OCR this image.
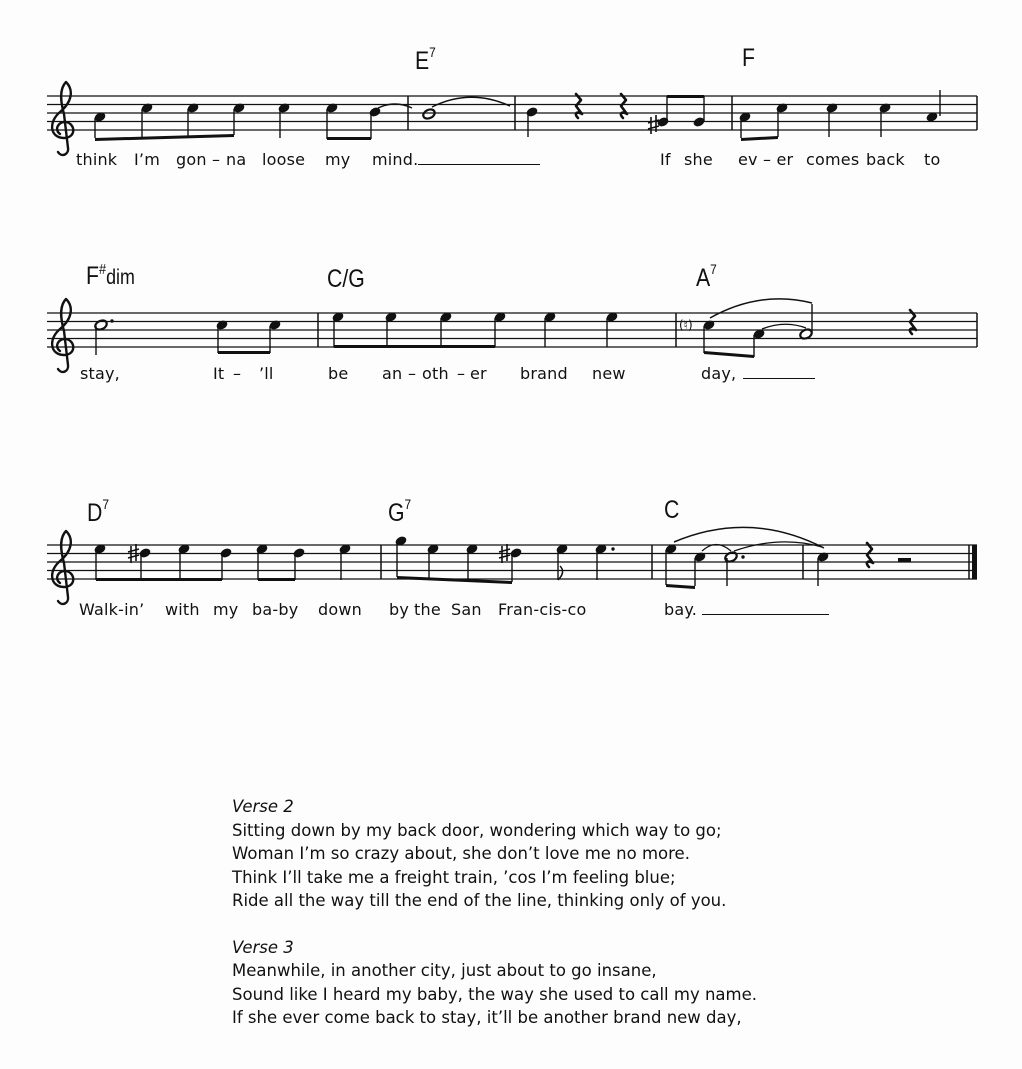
(♮)
$E^7$	F
F#dim	C/G	$A^7$
$D^7$	$G^7$	C
think I’m gon – na loose my mind.	If she ev – er comes back to
stay,	It – ’ll	be an – oth – er brand new	day,
Walk-in’ with my ba-by down by the San Fran-cis-co	bay.
Verse 2
Sitting down by my back door, wondering which way to go;
Woman I’m so crazy about, she don’t love me no more.
Think I’ll take me a freight train, ’cos I’m feeling blue;
Ride all the way till the end of the line, thinking only of you.
Verse 3
Meanwhile, in another city, just about to go insane,
Sound like I heard my baby, the way she used to call my name.
If she ever come back to stay, it’ll be another brand new day,
